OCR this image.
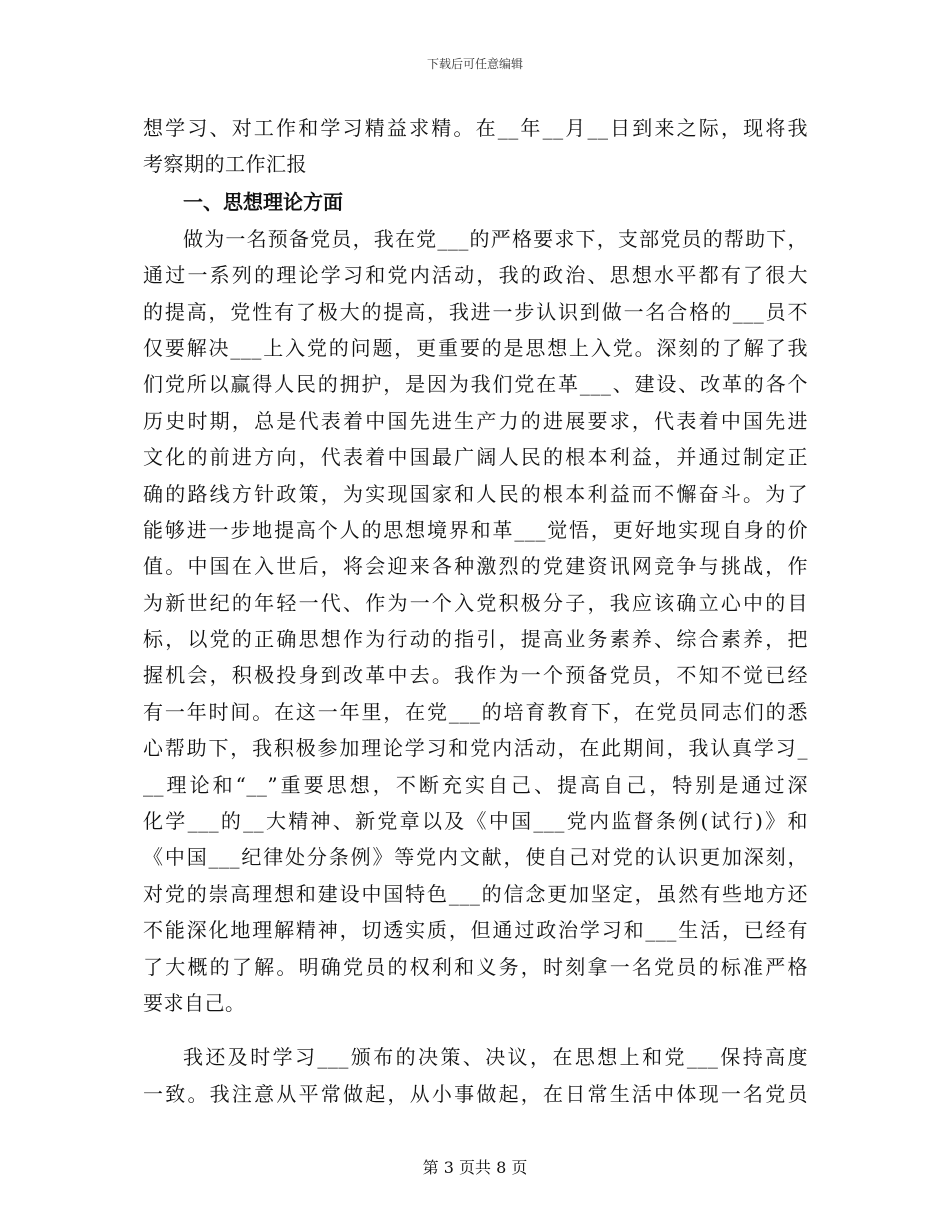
下载后可任意编辑
想学习、对工作和学习精益求精。在__年__月__日到来之际，现将我
考察期的工作汇报
一、思想理论方面
做为一名预备党员，我在党___的严格要求下，支部党员的帮助下，
通过一系列的理论学习和党内活动，我的政治、思想水平都有了很大
的提高，党性有了极大的提高，我进一步认识到做一名合格的___员不
仅要解决___上入党的问题，更重要的是思想上入党。深刻的了解了我
们党所以赢得人民的拥护，是因为我们党在革___、建设、改革的各个
历史时期，总是代表着中国先进生产力的进展要求，代表着中国先进
文化的前进方向，代表着中国最广阔人民的根本利益，并通过制定正
确的路线方针政策，为实现国家和人民的根本利益而不懈奋斗。为了
能够进一步地提高个人的思想境界和革___觉悟，更好地实现自身的价
值。中国在入世后，将会迎来各种激烈的党建资讯网竞争与挑战，作
为新世纪的年轻一代、作为一个入党积极分子，我应该确立心中的目
标，以党的正确思想作为行动的指引，提高业务素养、综合素养，把
握机会，积极投身到改革中去。我作为一个预备党员，不知不觉已经
有一年时间。在这一年里，在党___的培育教育下，在党员同志们的悉
心帮助下，我积极参加理论学习和党内活动，在此期间，我认真学习_
__理论和“__”重要思想，不断充实自己、提高自己，特别是通过深
化学___的__大精神、新党章以及《中国___党内监督条例(试行)》和
《中国___纪律处分条例》等党内文献，使自己对党的认识更加深刻，
对党的崇高理想和建设中国特色___的信念更加坚定，虽然有些地方还
不能深化地理解精神，切透实质，但通过政治学习和___生活，已经有
了大概的了解。明确党员的权利和义务，时刻拿一名党员的标准严格
要求自己。
我还及时学习___颁布的决策、决议，在思想上和党___保持高度
一致。我注意从平常做起，从小事做起，在日常生活中体现一名党员
第 3 页共 8 页
